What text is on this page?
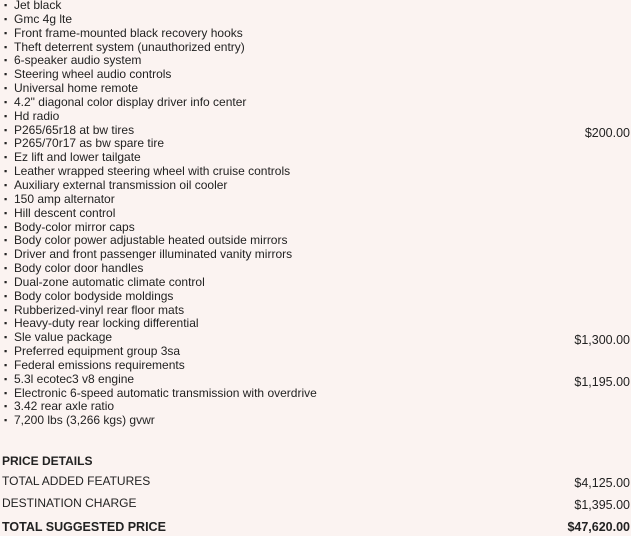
▪ Jet black
▪ Gmc 4g lte
▪ Front frame-mounted black recovery hooks
▪ Theft deterrent system (unauthorized entry)
▪ 6-speaker audio system
▪ Steering wheel audio controls
▪ Universal home remote
▪ 4.2" diagonal color display driver info center
▪ Hd radio
▪ P265/65r18 at bw tires	$200.00
▪ P265/70r17 as bw spare tire
▪ Ez lift and lower tailgate
▪ Leather wrapped steering wheel with cruise controls
▪ Auxiliary external transmission oil cooler
▪ 150 amp alternator
▪ Hill descent control
▪ Body-color mirror caps
▪ Body color power adjustable heated outside mirrors
▪ Driver and front passenger illuminated vanity mirrors
▪ Body color door handles
▪ Dual-zone automatic climate control
▪ Body color bodyside moldings
▪ Rubberized-vinyl rear floor mats
▪ Heavy-duty rear locking differential
▪ Sle value package	$1,300.00
▪ Preferred equipment group 3sa
▪ Federal emissions requirements
▪ 5.3l ecotec3 v8 engine	$1,195.00
▪ Electronic 6-speed automatic transmission with overdrive
▪ 3.42 rear axle ratio
▪ 7,200 lbs (3,266 kgs) gvwr
PRICE DETAILS
TOTAL ADDED FEATURES	$4,125.00
DESTINATION CHARGE	$1,395.00
TOTAL SUGGESTED PRICE	$47,620.00
